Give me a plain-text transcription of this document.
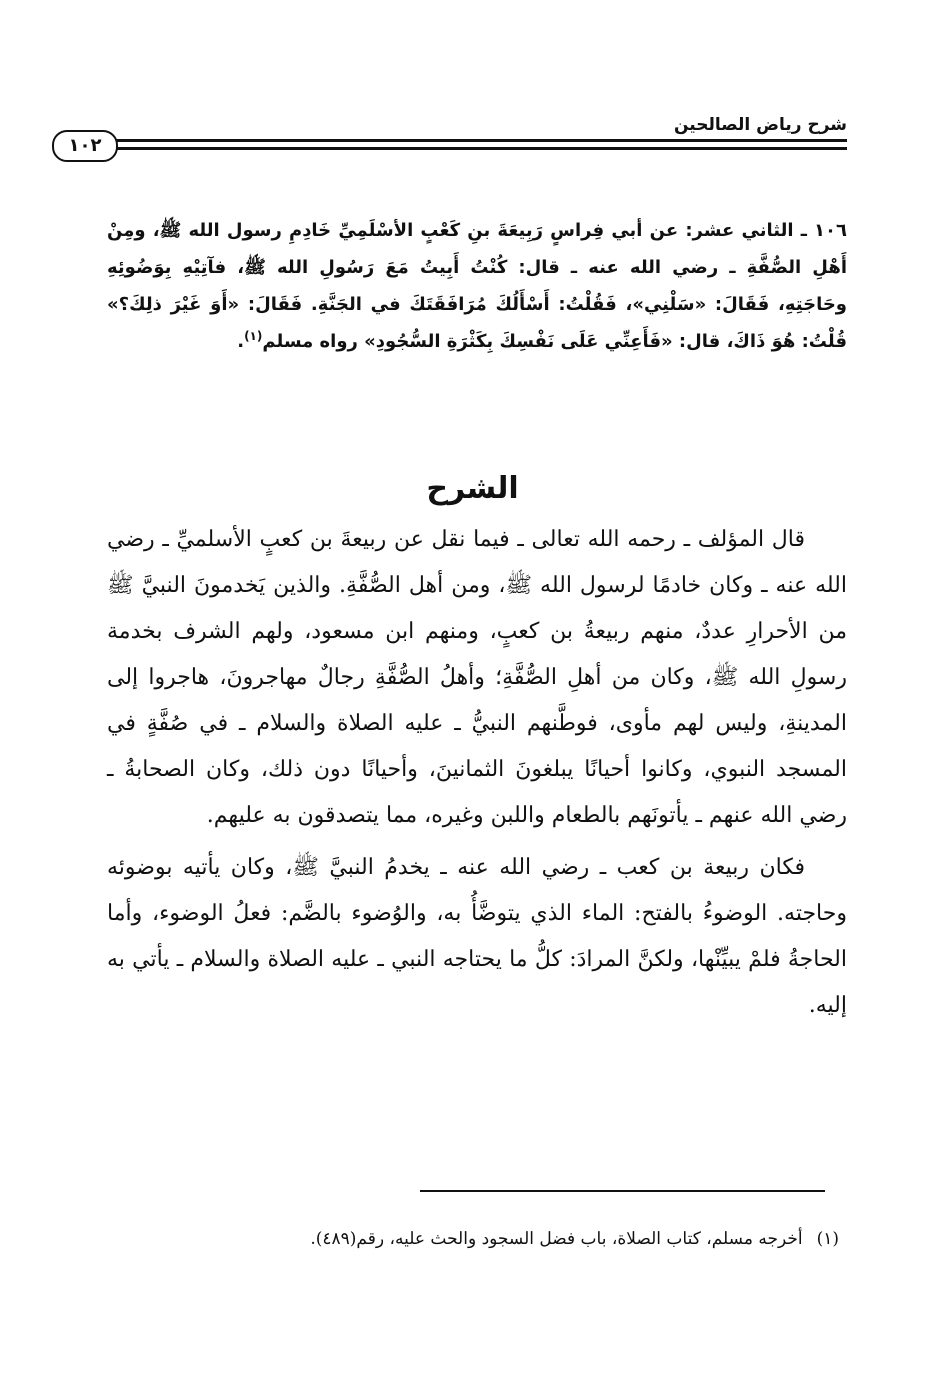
شرح رياض الصالحين
١٠٢

١٠٦ ـ الثاني عشر: عن أبي فِراسٍ رَبِيعَةَ بنِ كَعْبٍ الأسْلَمِيِّ خَادِمِ رسول الله ﷺ، ومِنْ أَهْلِ الصُّفَّةِ ـ رضي الله عنه ـ قال: كُنْتُ أَبِيتُ مَعَ رَسُولِ الله ﷺ، فآتِيْهِ بِوَضُوئِهِ وحَاجَتِهِ، فَقَالَ: «سَلْنِي»، فَقُلْتُ: أَسْأَلُكَ مُرَافَقَتَكَ في الجَنَّةِ. فَقَالَ: «أَوَ غَيْرَ ذلِكَ؟» قُلْتُ: هُوَ ذَاكَ، قال: «فَأَعِنِّي عَلَى نَفْسِكَ بِكَثْرَةِ السُّجُودِ» رواه مسلم$^{(١)}$.

الشرح

قال المؤلف ـ رحمه الله تعالى ـ فيما نقل عن ربيعةَ بن كعبٍ الأسلميِّ ـ رضي الله عنه ـ وكان خادمًا لرسول الله ﷺ، ومن أهل الصُّفَّةِ. والذين يَخدمونَ النبيَّ ﷺ من الأحرارِ عددٌ، منهم ربيعةُ بن كعبٍ، ومنهم ابن مسعود، ولهم الشرف بخدمة رسولِ الله ﷺ، وكان من أهلِ الصُّفَّةِ؛ وأهلُ الصُّفَّةِ رجالٌ مهاجرونَ، هاجروا إلى المدينةِ، وليس لهم مأوى، فوطَّنهم النبيُّ ـ عليه الصلاة والسلام ـ في صُفَّةٍ في المسجد النبوي، وكانوا أحيانًا يبلغونَ الثمانينَ، وأحيانًا دون ذلك، وكان الصحابةُ ـ رضي الله عنهم ـ يأتونَهم بالطعام واللبن وغيره، مما يتصدقون به عليهم.

فكان ربيعة بن كعب ـ رضي الله عنه ـ يخدمُ النبيَّ ﷺ، وكان يأتيه بوضوئه وحاجته. الوضوءُ بالفتح: الماء الذي يتوضَّأُ به، والوُضوء بالضَّم: فعلُ الوضوء، وأما الحاجةُ فلمْ يبيِّنْها، ولكنَّ المرادَ: كلُّ ما يحتاجه النبي ـ عليه الصلاة والسلام ـ يأتي به إليه.

(١)أخرجه مسلم، كتاب الصلاة، باب فضل السجود والحث عليه، رقم(٤٨٩).
